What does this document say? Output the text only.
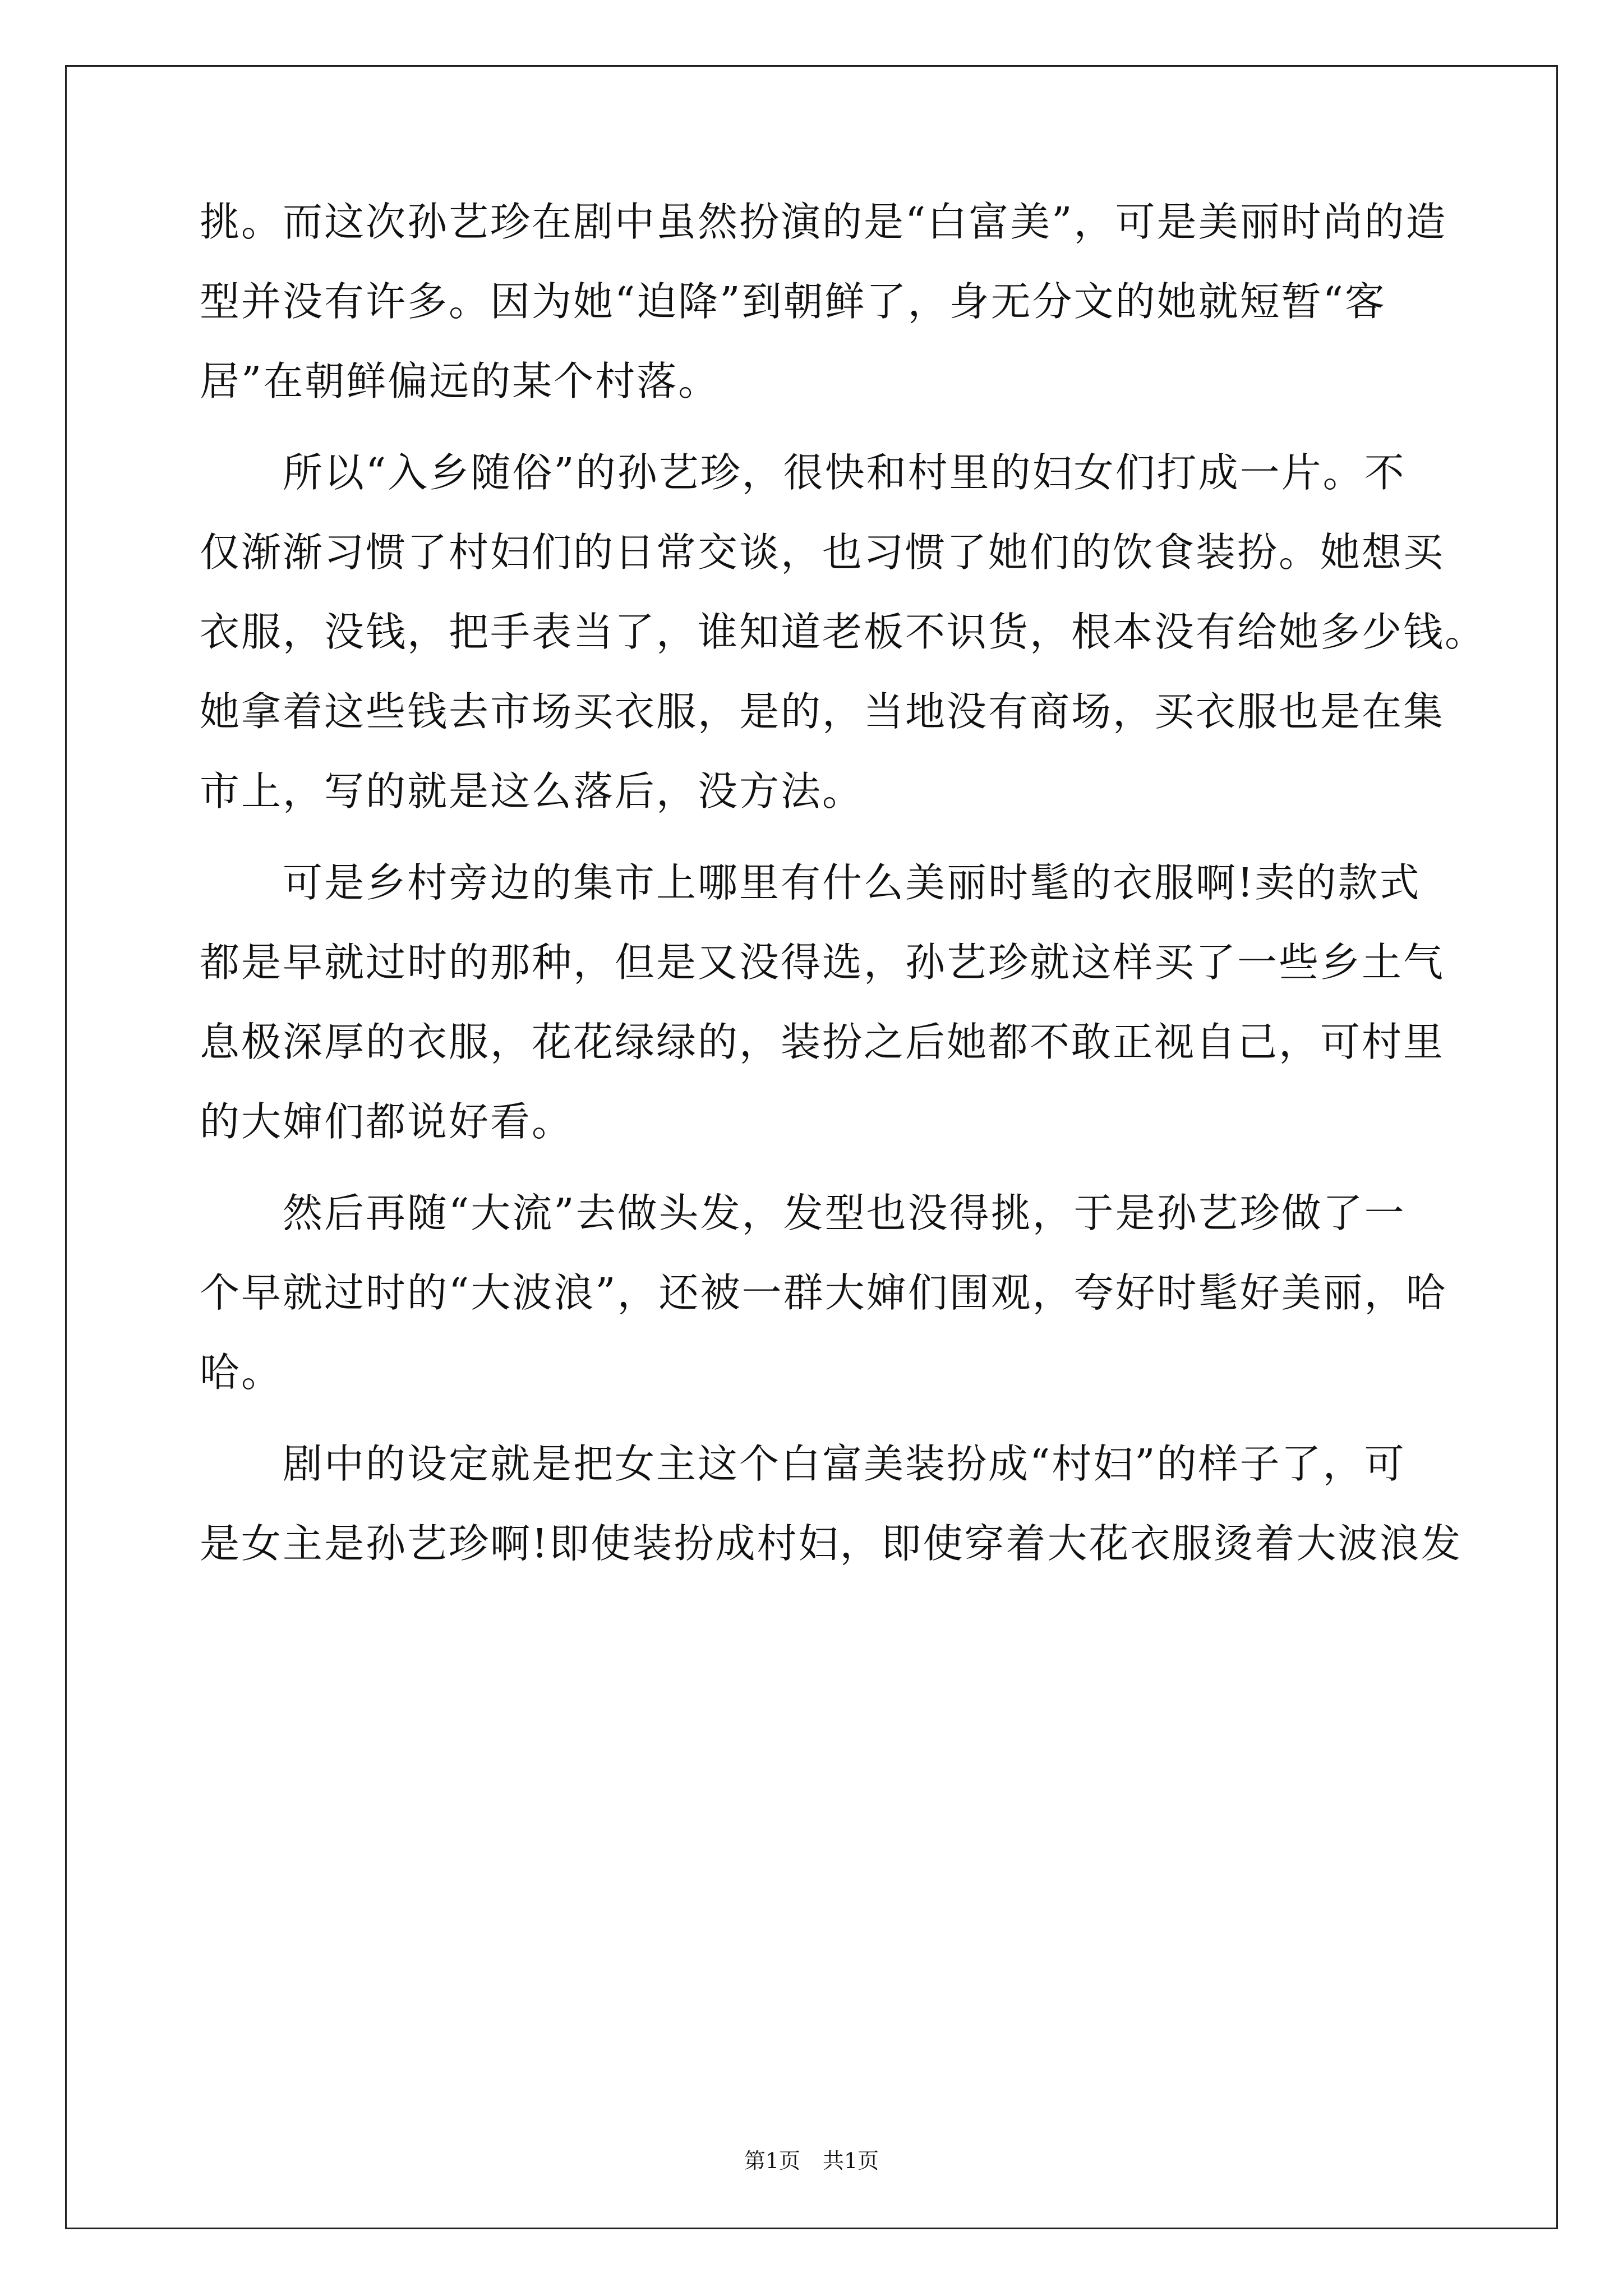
挑。而这次孙艺珍在剧中虽然扮演的是“白富美”，可是美丽时尚的造
型并没有许多。因为她“迫降”到朝鲜了，身无分文的她就短暂“客
居”在朝鲜偏远的某个村落。
　　所以“入乡随俗”的孙艺珍，很快和村里的妇女们打成一片。不
仅渐渐习惯了村妇们的日常交谈，也习惯了她们的饮食装扮。她想买
衣服，没钱，把手表当了，谁知道老板不识货，根本没有给她多少钱。
她拿着这些钱去市场买衣服，是的，当地没有商场，买衣服也是在集
市上，写的就是这么落后，没方法。
　　可是乡村旁边的集市上哪里有什么美丽时髦的衣服啊!卖的款式
都是早就过时的那种，但是又没得选，孙艺珍就这样买了一些乡土气
息极深厚的衣服，花花绿绿的，装扮之后她都不敢正视自己，可村里
的大婶们都说好看。
　　然后再随“大流”去做头发，发型也没得挑，于是孙艺珍做了一
个早就过时的“大波浪”，还被一群大婶们围观，夸好时髦好美丽，哈
哈。
　　剧中的设定就是把女主这个白富美装扮成“村妇”的样子了，可
是女主是孙艺珍啊!即使装扮成村妇，即使穿着大花衣服烫着大波浪发
第1页 共1页
